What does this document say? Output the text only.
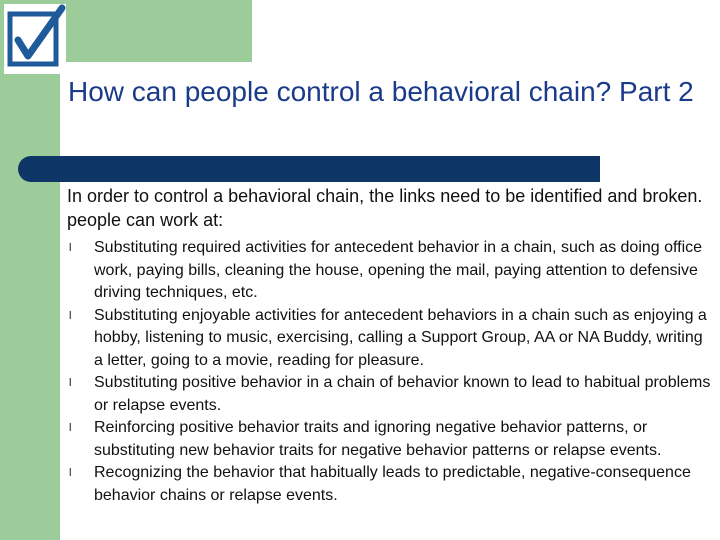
How can people control a behavioral chain? Part 2

In order to control a behavioral chain, the links need to be identified and broken. people can work at:

l Substituting required activities for antecedent behavior in a chain, such as doing office work, paying bills, cleaning the house, opening the mail, paying attention to defensive driving techniques, etc.
l Substituting enjoyable activities for antecedent behaviors in a chain such as enjoying a hobby, listening to music, exercising, calling a Support Group, AA or NA Buddy, writing a letter, going to a movie, reading for pleasure.
l Substituting positive behavior in a chain of behavior known to lead to habitual problems or relapse events.
l Reinforcing positive behavior traits and ignoring negative behavior patterns, or substituting new behavior traits for negative behavior patterns or relapse events.
l Recognizing the behavior that habitually leads to predictable, negative‑consequence behavior chains or relapse events.
